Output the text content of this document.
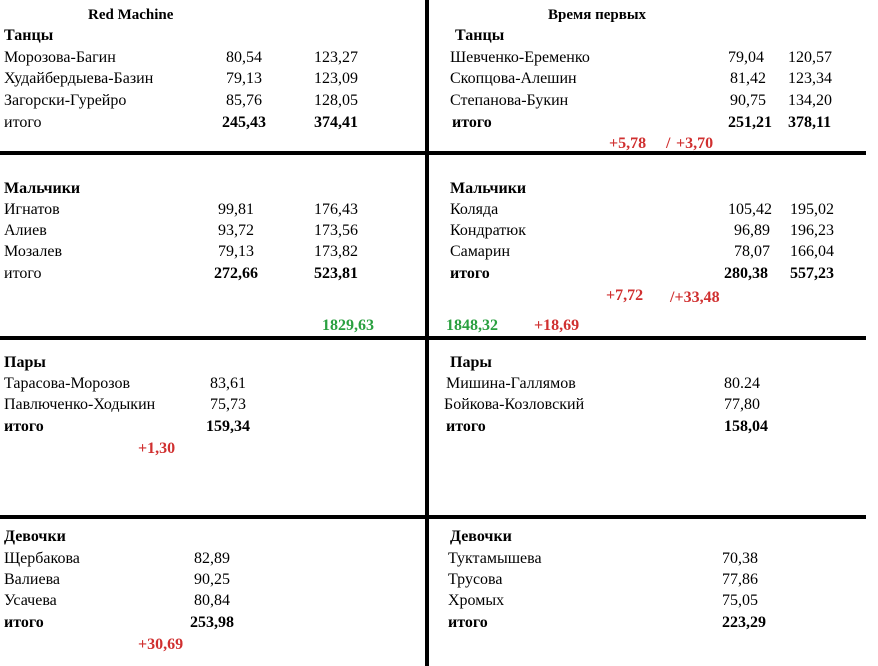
Red Machine
Танцы
Морозова-Багин	80,54	123,27
Худайбердыева-Базин	79,13	123,09
Загорски-Гурейро	85,76	128,05
итого	245,43	374,41
Мальчики
Игнатов	99,81	176,43
Алиев	93,72	173,56
Мозалев	79,13	173,82
итого	272,66	523,81
1829,63
Пары
Тарасова-Морозов	83,61
Павлюченко-Ходыкин	75,73
итого	159,34
+1,30
Девочки
Щербакова	82,89
Валиева	90,25
Усачева	80,84
итого	253,98
+30,69
Время первых
Танцы
Шевченко-Еременко	79,04 120,57
Скопцова-Алешин	81,42 123,34
Степанова-Букин	90,75 134,20
итого	251,21 378,11
+5,78 / +3,70
Мальчики
Коляда	105,42 195,02
Кондратюк	96,89 196,23
Самарин	78,07 166,04
итого	280,38 557,23
+7,72 /+33,48
1848,32 +18,69
Пары
Мишина-Галлямов	80.24
Бойкова-Козловский	77,80
итого	158,04
Девочки
Туктамышева	70,38
Трусова	77,86
Хромых	75,05
итого	223,29
